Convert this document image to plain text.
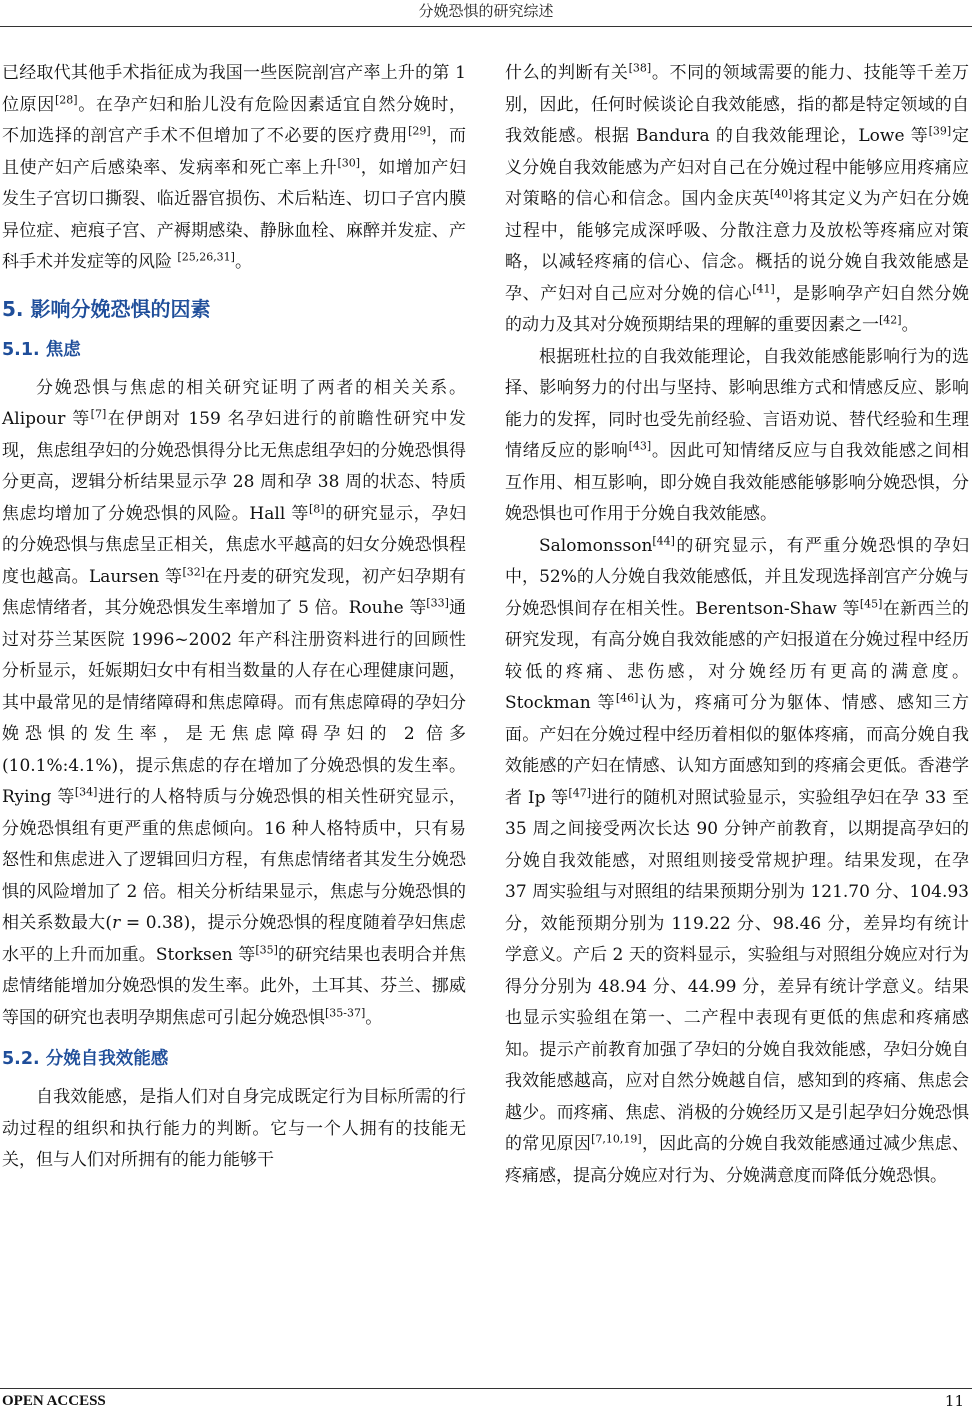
分娩恐惧的研究综述

已经取代其他手术指征成为我国一些医院剖宫产率上升的第 1 位原因[28]。在孕产妇和胎儿没有危险因素适宜自然分娩时，不加选择的剖宫产手术不但增加了不必要的医疗费用[29]，而且使产妇产后感染率、发病率和死亡率上升[30]，如增加产妇发生子宫切口撕裂、临近器官损伤、术后粘连、切口子宫内膜异位症、疤痕子宫、产褥期感染、静脉血栓、麻醉并发症、产科手术并发症等的风险 [25,26,31]。

5. 影响分娩恐惧的因素
5.1. 焦虑

分娩恐惧与焦虑的相关研究证明了两者的相关关系。Alipour 等[7]在伊朗对 159 名孕妇进行的前瞻性研究中发现，焦虑组孕妇的分娩恐惧得分比无焦虑组孕妇的分娩恐惧得分更高，逻辑分析结果显示孕 28 周和孕 38 周的状态、特质焦虑均增加了分娩恐惧的风险。Hall 等[8]的研究显示，孕妇的分娩恐惧与焦虑呈正相关，焦虑水平越高的妇女分娩恐惧程度也越高。Laursen 等[32]在丹麦的研究发现，初产妇孕期有焦虑情绪者，其分娩恐惧发生率增加了 5 倍。Rouhe 等[33]通过对芬兰某医院 1996~2002 年产科注册资料进行的回顾性分析显示，妊娠期妇女中有相当数量的人存在心理健康问题，其中最常见的是情绪障碍和焦虑障碍。而有焦虑障碍的孕妇分娩恐惧的发生率，是无焦虑障碍孕妇的 2 倍多(10.1%:4.1%)，提示焦虑的存在增加了分娩恐惧的发生率。Rying 等[34]进行的人格特质与分娩恐惧的相关性研究显示，分娩恐惧组有更严重的焦虑倾向。16 种人格特质中，只有易怒性和焦虑进入了逻辑回归方程，有焦虑情绪者其发生分娩恐惧的风险增加了 2 倍。相关分析结果显示，焦虑与分娩恐惧的相关系数最大(r = 0.38)，提示分娩恐惧的程度随着孕妇焦虑水平的上升而加重。Storksen 等[35]的研究结果也表明合并焦虑情绪能增加分娩恐惧的发生率。此外，土耳其、芬兰、挪威等国的研究也表明孕期焦虑可引起分娩恐惧[35-37]。

5.2. 分娩自我效能感

自我效能感，是指人们对自身完成既定行为目标所需的行动过程的组织和执行能力的判断。它与一个人拥有的技能无关，但与人们对所拥有的能力能够干

什么的判断有关[38]。不同的领域需要的能力、技能等千差万别，因此，任何时候谈论自我效能感，指的都是特定领域的自我效能感。根据 Bandura 的自我效能理论，Lowe 等[39]定义分娩自我效能感为产妇对自己在分娩过程中能够应用疼痛应对策略的信心和信念。国内金庆英[40]将其定义为产妇在分娩过程中，能够完成深呼吸、分散注意力及放松等疼痛应对策略，以减轻疼痛的信心、信念。概括的说分娩自我效能感是孕、产妇对自己应对分娩的信心[41]，是影响孕产妇自然分娩的动力及其对分娩预期结果的理解的重要因素之一[42]。

根据班杜拉的自我效能理论，自我效能感能影响行为的选择、影响努力的付出与坚持、影响思维方式和情感反应、影响能力的发挥，同时也受先前经验、言语劝说、替代经验和生理情绪反应的影响[43]。因此可知情绪反应与自我效能感之间相互作用、相互影响，即分娩自我效能感能够影响分娩恐惧，分娩恐惧也可作用于分娩自我效能感。

Salomonsson[44]的研究显示，有严重分娩恐惧的孕妇中，52%的人分娩自我效能感低，并且发现选择剖宫产分娩与分娩恐惧间存在相关性。Berentson-Shaw 等[45]在新西兰的研究发现，有高分娩自我效能感的产妇报道在分娩过程中经历较低的疼痛、悲伤感，对分娩经历有更高的满意度。Stockman 等[46]认为，疼痛可分为躯体、情感、感知三方面。产妇在分娩过程中经历着相似的躯体疼痛，而高分娩自我效能感的产妇在情感、认知方面感知到的疼痛会更低。香港学者 Ip 等[47]进行的随机对照试验显示，实验组孕妇在孕 33 至 35 周之间接受两次长达 90 分钟产前教育，以期提高孕妇的分娩自我效能感，对照组则接受常规护理。结果发现，在孕 37 周实验组与对照组的结果预期分别为 121.70 分、104.93 分，效能预期分别为 119.22 分、98.46 分，差异均有统计学意义。产后 2 天的资料显示，实验组与对照组分娩应对行为得分分别为 48.94 分、44.99 分，差异有统计学意义。结果也显示实验组在第一、二产程中表现有更低的焦虑和疼痛感知。提示产前教育加强了孕妇的分娩自我效能感，孕妇分娩自我效能感越高，应对自然分娩越自信，感知到的疼痛、焦虑会越少。而疼痛、焦虑、消极的分娩经历又是引起孕妇分娩恐惧的常见原因[7,10,19]，因此高的分娩自我效能感通过减少焦虑、疼痛感，提高分娩应对行为、分娩满意度而降低分娩恐惧。

OPEN ACCESS	11
